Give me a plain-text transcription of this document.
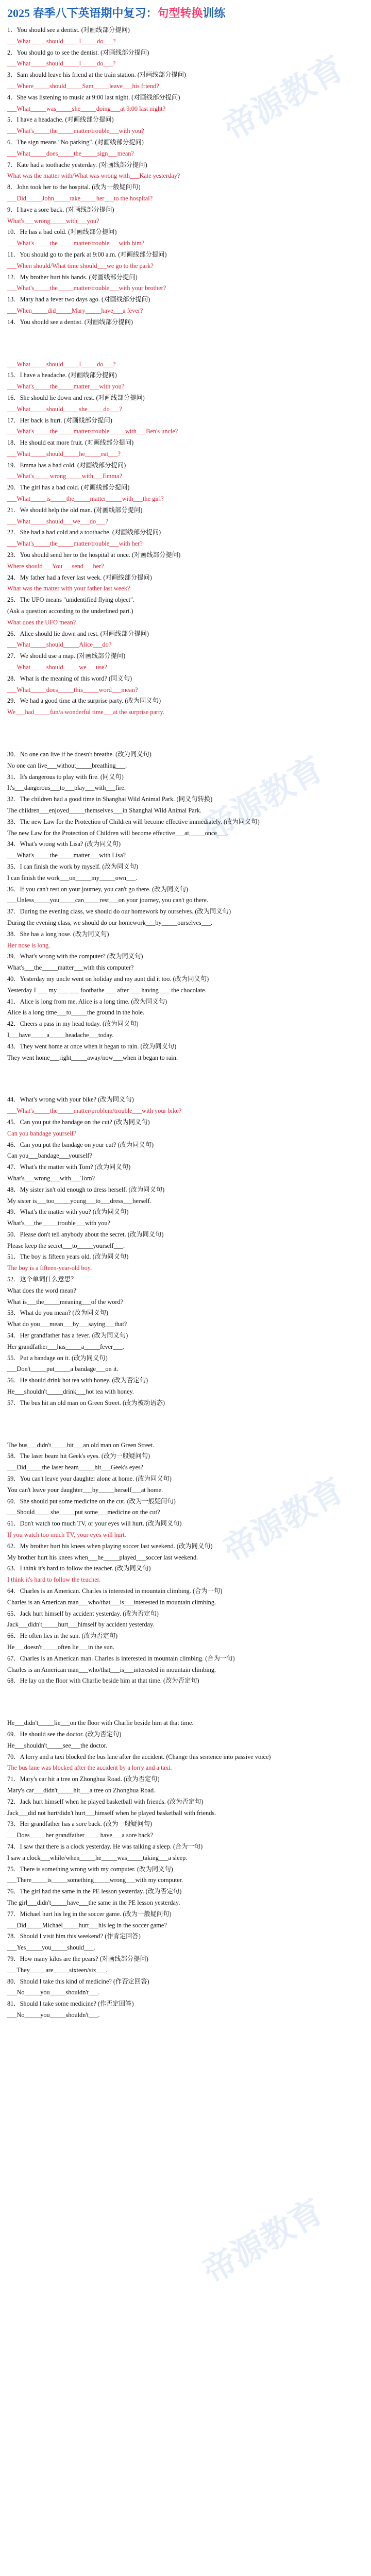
2025 春季八下英语期中复习：句型转换训练
1．You should see a dentist. (对画线部分提问)
___What_____should_____I_____do___?
2．You should go to see the dentist. (对画线部分提问)
___What_____should_____I_____do___?
3．Sam should leave his friend at the train station. (对画线部分提问)
___Where_____should_____Sam_____leave___his friend?
4．She was listening to music at 9:00 last night. (对画线部分提问)
___What_____was_____she_____doing___at 9:00 last night?
5．I have a headache. (对画线部分提问)
___What's_____the_____matter/trouble___with you?
6．The sign means "No parking". (对画线部分提问)
___What_____does_____the_____sign___mean?
7．Kate had a toothache yesterday. (对画线部分提问)
What was the matter with/What was wrong with___Kate yesterday?
8．John took her to the hospital. (改为一般疑问句)
___Did_____John_____take_____her___to the hospital?
9．I have a sore back. (对画线部分提问)
What's___wrong_____with___you?
10．He has a bad cold. (对画线部分提问)
___What's_____the_____matter/trouble___with him?
11．You should go to the park at 9:00 a.m. (对画线部分提问)
___When should/What time should___we go to the park?
12．My brother hurt his hands. (对画线部分提问)
___What's_____the_____matter/trouble___with your brother?
13．Mary had a fever two days ago. (对画线部分提问)
___When_____did_____Mary_____have___a fever?
14．You should see a dentist. (对画线部分提问)
___What_____should_____I_____do___?
15．I have a headache. (对画线部分提问)
___What's_____the_____matter___with you?
16．She should lie down and rest. (对画线部分提问)
___What_____should_____she_____do___?
17．Her back is hurt. (对画线部分提问)
___What's_____the_____matter/trouble_____with___Ben's uncle?
18．He should eat more fruit. (对画线部分提问)
___What_____should_____he_____eat___?
19．Emma has a bad cold. (对画线部分提问)
___What's_____wrong_____with___Emma?
20．The girl has a bad cold. (对画线部分提问)
___What_____is_____the_____matter_____with___the girl?
21．We should help the old man. (对画线部分提问)
___What_____should___we___do___?
22．She had a bad cold and a toothache. (对画线部分提问)
___What's_____the_____matter/trouble___with her?
23．You should send her to the hospital at once. (对画线部分提问)
Where should___You___send___her?
24．My father had a fever last week. (对画线部分提问)
What was the matter with your father last week?
25．The UFO means "unidentified flying object".
(Ask a question according to the underlined part.)
What does the UFO mean?
26．Alice should lie down and rest. (对画线部分提问)
___What_____should_____Alice___do?
27．We should use a map. (对画线部分提问)
___What_____should_____we___use?
28．What is the meaning of this word? (同义句)
___What_____does_____this_____word___mean?
29．We had a good time at the surprise party. (改为同义句)
We___had_____fun/a wonderful time___at the surprise party.
30．No one can live if he doesn't breathe. (改为同义句)
No one can live___without_____breathing___.
31．It's dangerous to play with fire. (同义句)
It's___dangerous___to___play___with___fire.
32．The children had a good time in Shanghai Wild Animal Park. (同义句转换)
The children___enjoyed_____themselves___in Shanghai Wild Animal Park.
33．The new Law for the Protection of Children will become effective immediately. (改为同义句)
The new Law for the Protection of Children will become effective___at_____once___.
34．What's wrong with Lisa? (改为同义句)
___What's_____the_____matter___with Lisa?
35．I can finish the work by myself. (改为同义句)
I can finish the work___on_____my_____own___.
36．If you can't rest on your journey, you can't go there. (改为同义句)
___Unless_____you_____can_____rest___on your journey, you can't go there.
37．During the evening class, we should do our homework by ourselves. (改为同义句)
During the evening class, we should do our homework___by_____ourselves___.
38．She has a long nose. (改为同义句)
Her nose is long.
39．What's wrong with the computer? (改为同义句)
What's___the_____matter___with this computer?
40．Yesterday my uncle went on holiday and my aunt did it too. (改为同义句)
Yesterday I ___ my ___ ___ footbathe ___ after ___ having ___ the chocolate.
41．Alice is long from me. Alice is a long time. (改为同义句)
Alice is a long time___to_____the ground in the hole.
42．Cheers a pass in my head today. (改为同义句)
I___have_____a_____headache___today.
43．They went home at once when it began to rain. (改为同义句)
They went home___right_____away/now___when it began to rain.
44．What's wrong with your bike? (改为同义句)
___What's_____the_____matter/problem/trouble___with your bike?
45．Can you put the bandage on the cut? (改为同义句)
Can you bandage yourself?
46．Can you put the bandage on your cut? (改为同义句)
Can you___bandage___yourself?
47．What's the matter with Tom? (改为同义句)
What's___wrong___with___Tom?
48．My sister isn't old enough to dress herself. (改为同义句)
My sister is___too_____young___to___dress___herself.
49．What's the matter with you? (改为同义句)
What's___the_____trouble___with you?
50．Please don't tell anybody about the secret. (改为同义句)
Please keep the secret___to_____yourself___.
51．The boy is fifteen years old. (改为同义句)
The boy is a fifteen-year-old boy.
52．这个单词什么意思？
What does the word mean?
What is___the_____meaning___of the word?
53．What do you mean? (改为同义句)
What do you___mean___by___saying___that?
54．Her grandfather has a fever. (改为同义句)
Her grandfather___has_____a_____fever___.
55．Put a bandage on it. (改为同义句)
___Don't_____put_____a bandage___on it.
56．He should drink hot tea with honey. (改为否定句)
He___shouldn't_____drink___hot tea with honey.
57．The bus hit an old man on Green Street. (改为被动语态)
The bus___didn't_____hit___an old man on Green Street.
58．The laser beam hit Geek's eyes. (改为一般疑问句)
___Did_____the laser beam_____hit___Geek's eyes?
59．You can't leave your daughter alone at home. (改为同义句)
You can't leave your daughter___by_____herself___at home.
60．She should put some medicine on the cut. (改为一般疑问句)
___Should_____she_____put some___medicine on the cut?
61．Don't watch too much TV, or your eyes will hurt. (改为同义句)
If you watch too much TV, your eyes will hurt.
62．My brother hurt his knees when playing soccer last weekend. (改为同义句)
My brother hurt his knees when___he_____played___soccer last weekend.
63．I think it's hard to follow the teacher. (改为同义句)
I think it's hard to follow the teacher.
64．Charles is an American. Charles is interested in mountain climbing. (合为一句)
Charles is an American man___who/that___is___interested in mountain climbing.
65．Jack hurt himself by accident yesterday. (改为否定句)
Jack___didn't_____hurt___himself by accident yesterday.
66．He often lies in the sun. (改为否定句)
He___doesn't_____often lie___in the sun.
67．Charles is an American man. Charles is interested in mountain climbing. (合为一句)
Charles is an American man___who/that___is___interested in mountain climbing.
68．He lay on the floor with Charlie beside him at that time. (改为否定句)
He___didn't_____lie___on the floor with Charlie beside him at that time.
69．He should see the doctor. (改为否定句)
He___shouldn't_____see___the doctor.
70．A lorry and a taxi blocked the bus lane after the accident. (Change this sentence into passive voice)
The bus lane was blocked after the accident by a lorry and a taxi.
71．Mary's car hit a tree on Zhonghua Road. (改为否定句)
Mary's car___didn't_____hit___a tree on Zhonghua Road.
72．Jack hurt himself when he played basketball with friends. (改为否定句)
Jack___did not hurt/didn't hurt___himself when he played basketball with friends.
73．Her grandfather has a sore back. (改为一般疑问句)
___Does_____her grandfather_____have___a sore back?
74．I saw that there is a clock yesterday. He was talking a sleep. (合为一句)
I saw a clock___while/when_____he_____was_____taking___a sleep.
75．There is something wrong with my computer. (改为同义句)
___There_____is_____something_____wrong___with my computer.
76．The girl had the same in the PE lesson yesterday. (改为否定句)
The girl___didn't_____have___the same in the PE lesson yesterday.
77．Michael hurt his leg in the soccer game. (改为一般疑问句)
___Did_____Michael_____hurt___his leg in the soccer game?
78．Should I visit him this weekend? (作肯定回答)
___Yes_____you_____should___.
79．How many kilos are the pears? (对画线部分提问)
___They_____are_____sixteen/six___.
80．Should I take this kind of medicine? (作否定回答)
___No_____you_____shouldn't___.
81．Should I take some medicine? (作否定回答)
___No_____you_____shouldn't___.
帝源教育
帝源教育
帝源教育
帝源教育
